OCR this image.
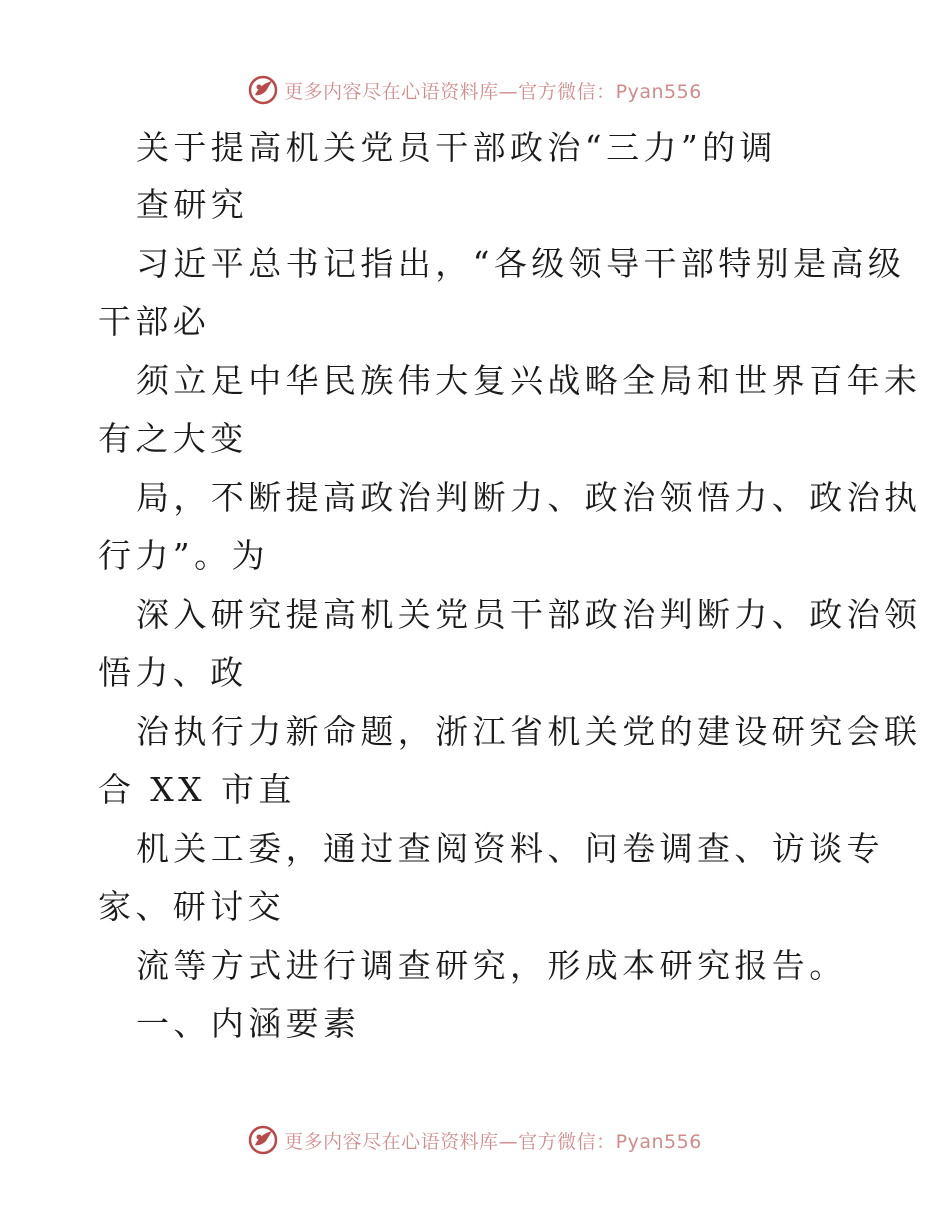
更多内容尽在心语资料库—官方微信：Pyan556
关于提高机关党员干部政治“三力”的调
查研究
习近平总书记指出，“各级领导干部特别是高级
干部必
须立足中华民族伟大复兴战略全局和世界百年未
有之大变
局，不断提高政治判断力、政治领悟力、政治执
行力”。为
深入研究提高机关党员干部政治判断力、政治领
悟力、政
治执行力新命题，浙江省机关党的建设研究会联
合 XX 市直
机关工委，通过查阅资料、问卷调查、访谈专
家、研讨交
流等方式进行调查研究，形成本研究报告。
一、内涵要素
更多内容尽在心语资料库—官方微信：Pyan556
